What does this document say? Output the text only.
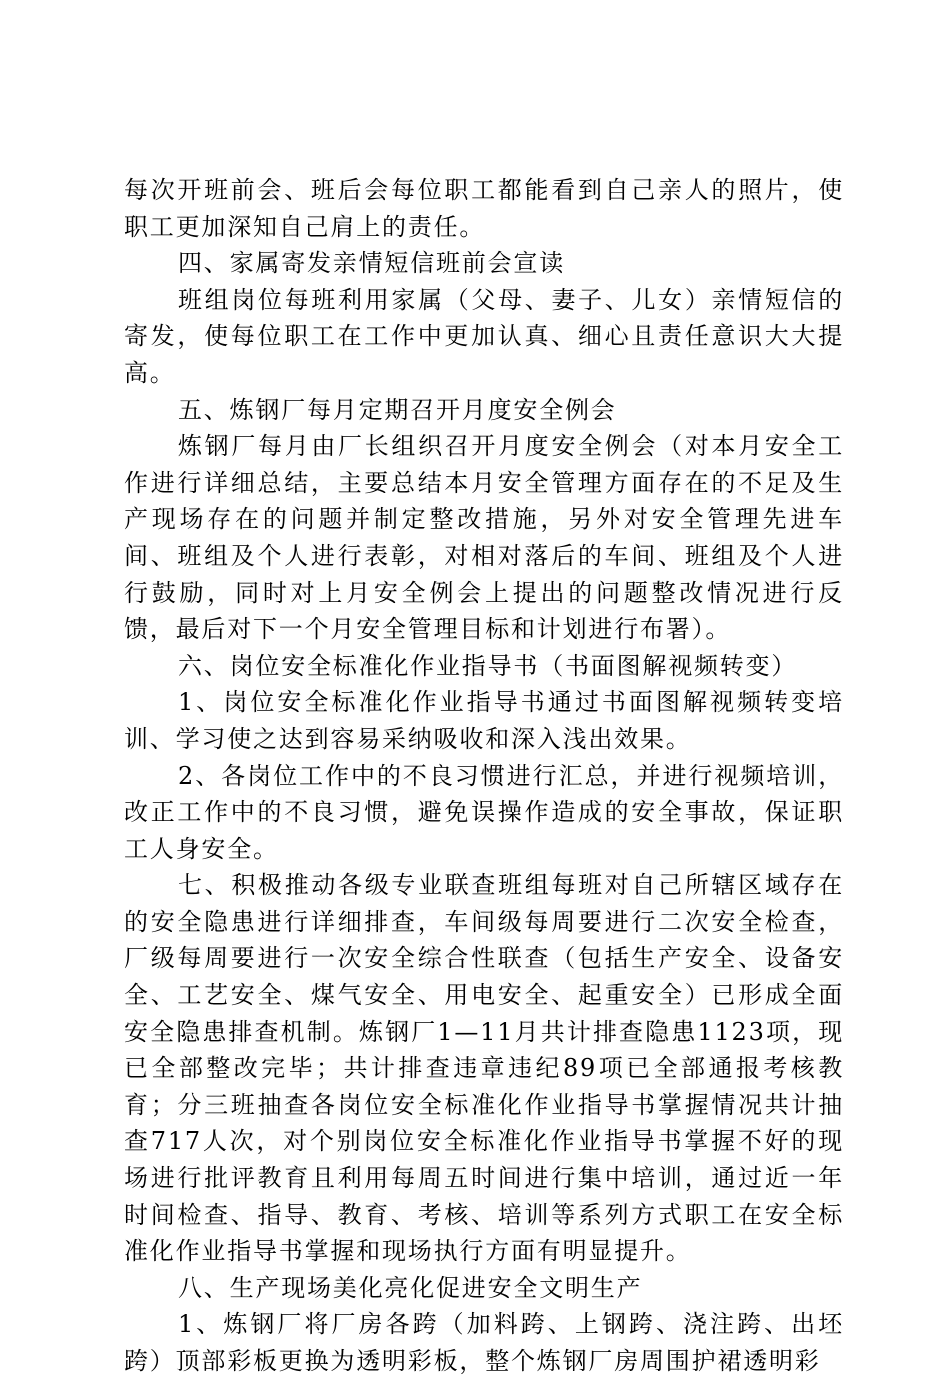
每次开班前会、班后会每位职工都能看到自己亲人的照片，使职工更加深知自己肩上的责任。

四、家属寄发亲情短信班前会宣读

班组岗位每班利用家属（父母、妻子、儿女）亲情短信的寄发，使每位职工在工作中更加认真、细心且责任意识大大提高。

五、炼钢厂每月定期召开月度安全例会

炼钢厂每月由厂长组织召开月度安全例会（对本月安全工作进行详细总结，主要总结本月安全管理方面存在的不足及生产现场存在的问题并制定整改措施，另外对安全管理先进车间、班组及个人进行表彰，对相对落后的车间、班组及个人进行鼓励，同时对上月安全例会上提出的问题整改情况进行反馈，最后对下一个月安全管理目标和计划进行布署）。

六、岗位安全标准化作业指导书（书面图解视频转变）

1、岗位安全标准化作业指导书通过书面图解视频转变培训、学习使之达到容易采纳吸收和深入浅出效果。

2、各岗位工作中的不良习惯进行汇总，并进行视频培训，改正工作中的不良习惯，避免误操作造成的安全事故，保证职工人身安全。

七、积极推动各级专业联查班组每班对自己所辖区域存在的安全隐患进行详细排查，车间级每周要进行二次安全检查，厂级每周要进行一次安全综合性联查（包括生产安全、设备安全、工艺安全、煤气安全、用电安全、起重安全）已形成全面安全隐患排查机制。炼钢厂1—11月共计排查隐患1123项，现已全部整改完毕；共计排查违章违纪89项已全部通报考核教育；分三班抽查各岗位安全标准化作业指导书掌握情况共计抽查717人次，对个别岗位安全标准化作业指导书掌握不好的现场进行批评教育且利用每周五时间进行集中培训，通过近一年时间检查、指导、教育、考核、培训等系列方式职工在安全标准化作业指导书掌握和现场执行方面有明显提升。

八、生产现场美化亮化促进安全文明生产

1、炼钢厂将厂房各跨（加料跨、上钢跨、浇注跨、出坯跨）顶部彩板更换为透明彩板，整个炼钢厂房周围护裙透明彩
